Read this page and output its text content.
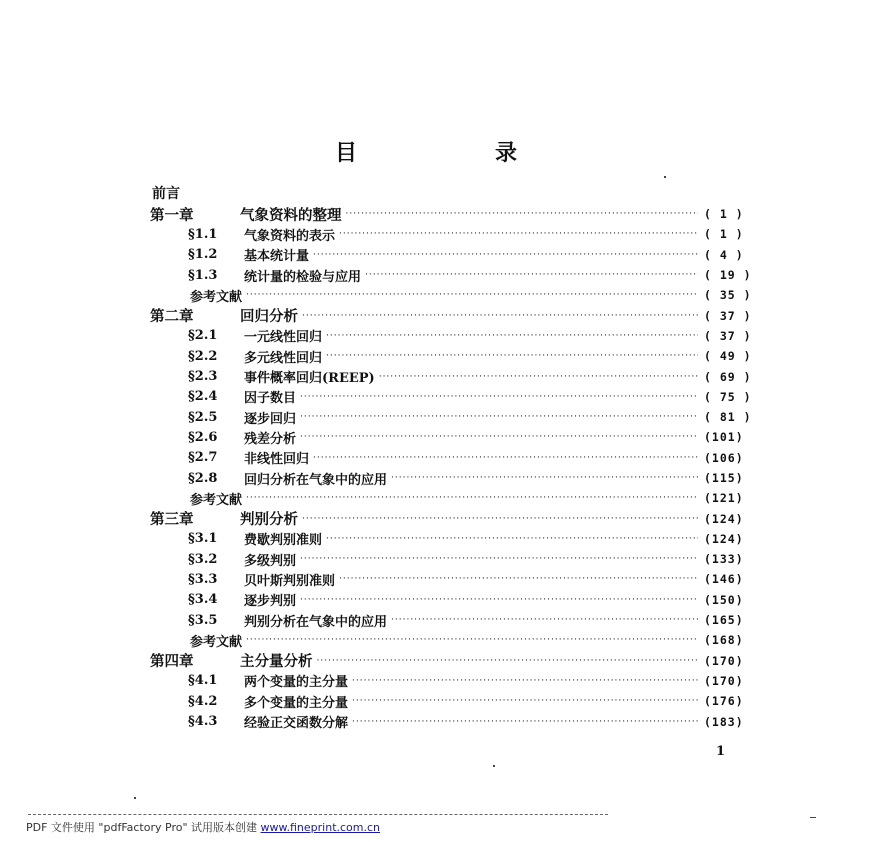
目　录
前言
第一章	气象资料的整理 ·····	( 1 )
§1.1	气象资料的表示 ·····	( 1 )
§1.2	基本统计量 ·····	( 4 )
§1.3	统计量的检验与应用 ·····	( 19 )
参考文献 ·····	( 35 )
第二章	回归分析 ·····	( 37 )
§2.1	一元线性回归 ·····	( 37 )
§2.2	多元线性回归 ·····	( 49 )
§2.3	事件概率回归(REEP) ·····	( 69 )
§2.4	因子数目 ·····	( 75 )
§2.5	逐步回归 ·····	( 81 )
§2.6	残差分析 ·····	(101)
§2.7	非线性回归 ·····	(106)
§2.8	回归分析在气象中的应用 ·····	(115)
参考文献 ·····	(121)
第三章	判别分析 ·····	(124)
§3.1	费歇判别准则 ·····	(124)
§3.2	多级判别 ·····	(133)
§3.3	贝叶斯判别准则 ·····	(146)
§3.4	逐步判别 ·····	(150)
§3.5	判别分析在气象中的应用 ·····	(165)
参考文献 ·····	(168)
第四章	主分量分析 ·····	(170)
§4.1	两个变量的主分量 ·····	(170)
§4.2	多个变量的主分量 ·····	(176)
§4.3	经验正交函数分解 ·····	(183)
1
PDF 文件使用 "pdfFactory Pro" 试用版本创建 www.fineprint.com.cn
